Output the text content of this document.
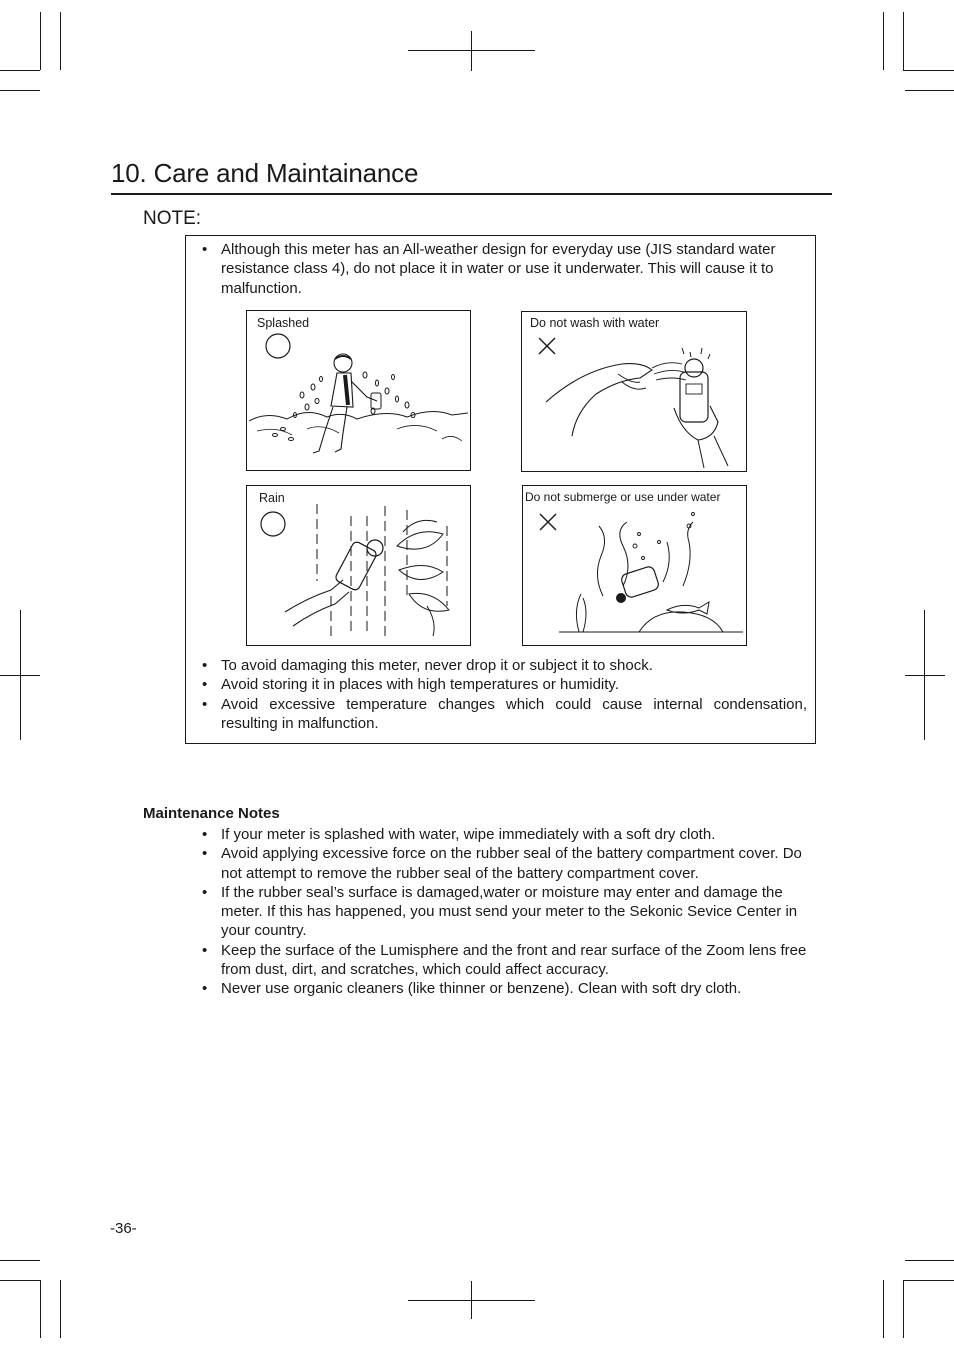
10. Care and Maintainance
NOTE:
• Although this meter has an All-weather design for everyday use (JIS standard water resistance class 4), do not place it in water or use it underwater. This will cause it to malfunction.
Splashed	Do not wash with water
Rain	Do not submerge or use under water
• To avoid damaging this meter, never drop it or subject it to shock.
• Avoid storing it in places with high temperatures or humidity.
• Avoid excessive temperature changes which could cause internal condensation, resulting in malfunction.
Maintenance Notes
• If your meter is splashed with water, wipe immediately with a soft dry cloth.
• Avoid applying excessive force on the rubber seal of the battery compartment cover. Do not attempt to remove the rubber seal of the battery compartment cover.
• If the rubber seal’s surface is damaged,water or moisture may enter and damage the meter. If this has happened, you must send your meter to the Sekonic Sevice Center in your country.
• Keep the surface of the Lumisphere and the front and rear surface of the Zoom lens free from dust, dirt, and scratches, which could affect accuracy.
• Never use organic cleaners (like thinner or benzene). Clean with soft dry cloth.
-36-
